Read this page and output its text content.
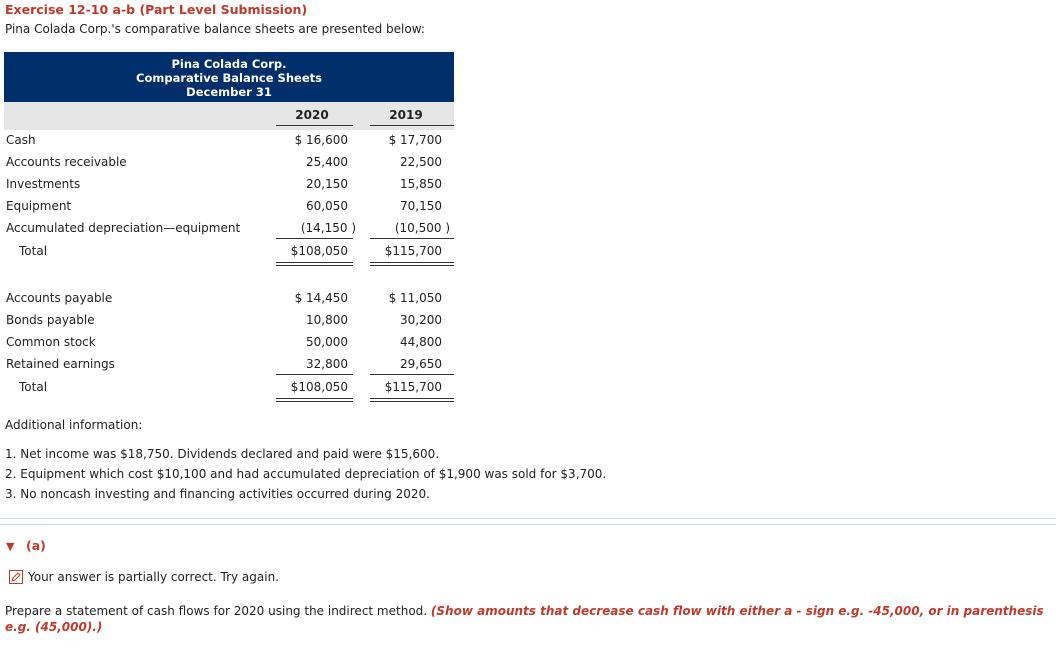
Exercise 12-10 a-b (Part Level Submission)
Pina Colada Corp.'s comparative balance sheets are presented below:
Pina Colada Corp.
Comparative Balance Sheets
December 31
2020	2019
Cash	$ 16,600	$ 17,700
Accounts receivable	25,400	22,500
Investments	20,150	15,850
Equipment	60,050	70,150
Accumulated depreciation—equipment	(14,150 )	(10,500 )
Total	$108,050	$115,700
Accounts payable	$ 14,450	$ 11,050
Bonds payable	10,800	30,200
Common stock	50,000	44,800
Retained earnings	32,800	29,650
Total	$108,050	$115,700
Additional information:
1. Net income was $18,750. Dividends declared and paid were $15,600.
2. Equipment which cost $10,100 and had accumulated depreciation of $1,900 was sold for $3,700.
3. No noncash investing and financing activities occurred during 2020.
▼ (a)
Your answer is partially correct. Try again.
Prepare a statement of cash flows for 2020 using the indirect method. (Show amounts that decrease cash flow with either a - sign e.g. -45,000, or in parenthesis e.g. (45,000).)
